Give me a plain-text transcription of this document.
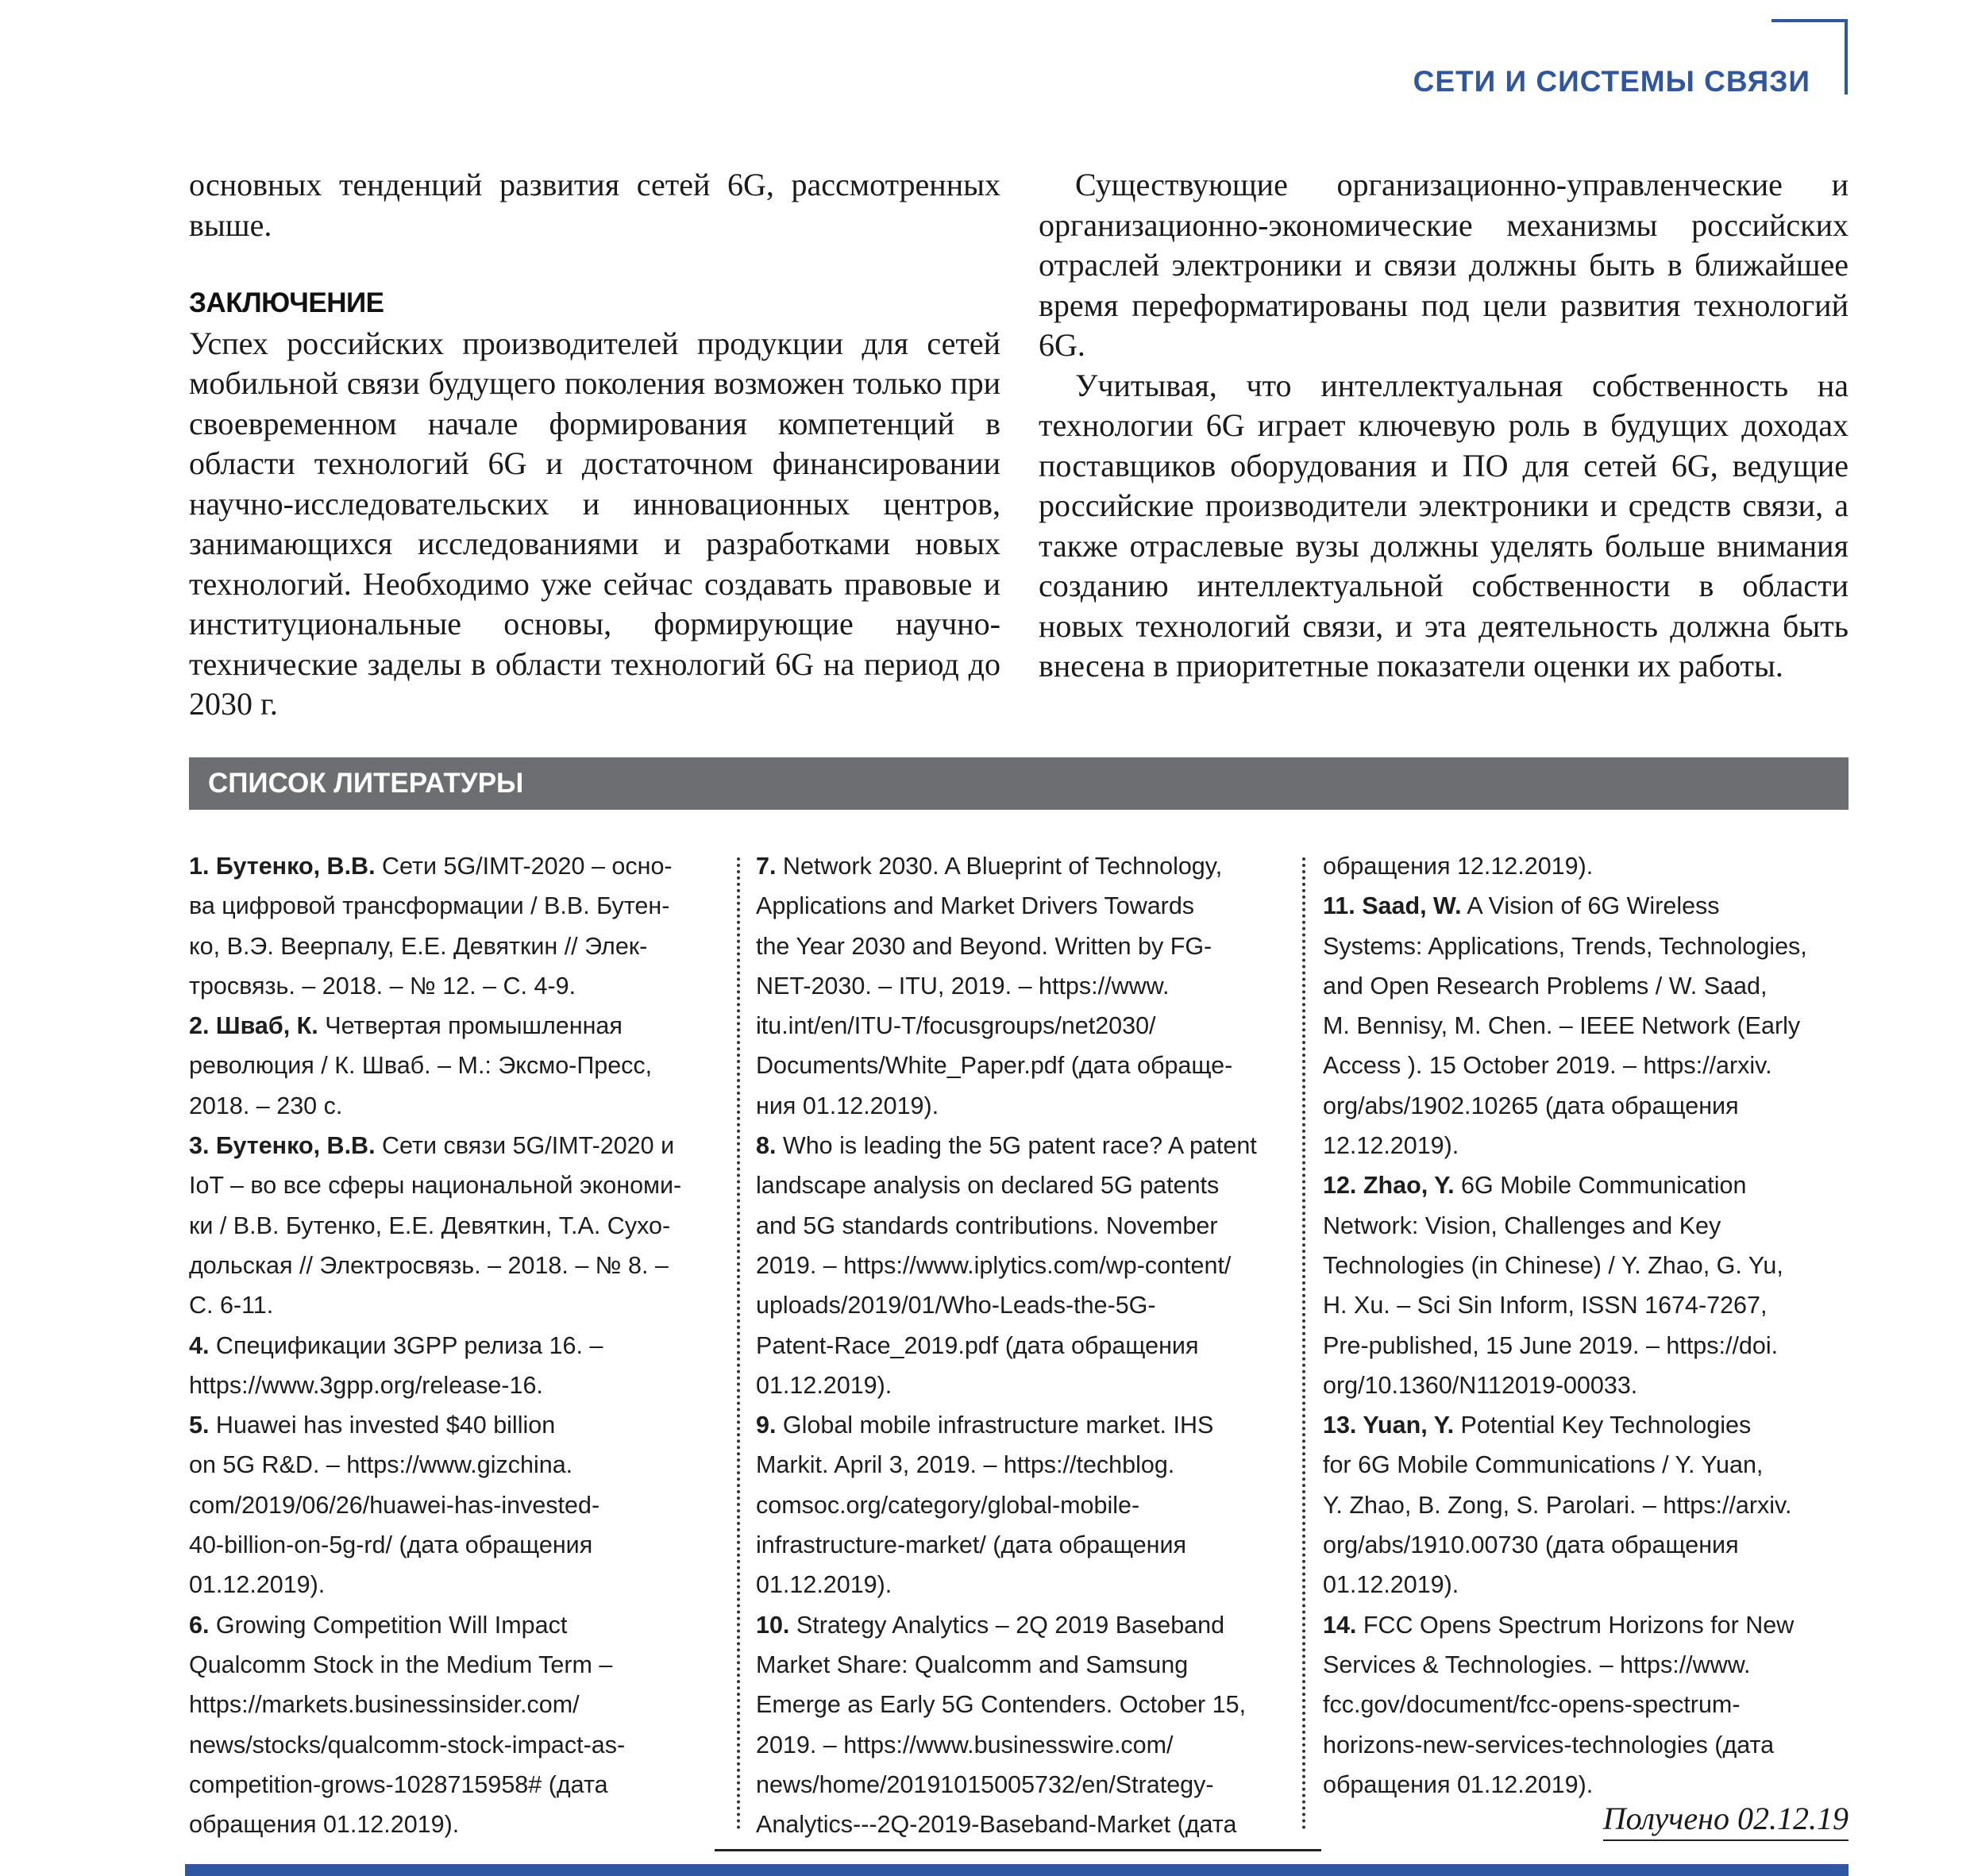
СЕТИ И СИСТЕМЫ СВЯЗИ

основных тенденций развития сетей 6G, рассмотренных выше.

ЗАКЛЮЧЕНИЕ

Успех российских производителей продукции для сетей мобильной связи будущего поколения возможен только при своевременном начале формирования компетенций в области технологий 6G и достаточном финансировании научно-исследовательских и инновационных центров, занимающихся исследованиями и разработками новых технологий. Необходимо уже сейчас создавать правовые и институциональные основы, формирующие научно-технические заделы в области технологий 6G на период до 2030 г.

Существующие организационно-управленческие и организационно-экономические механизмы российских отраслей электроники и связи должны быть в ближайшее время переформатированы под цели развития технологий 6G.

Учитывая, что интеллектуальная собственность на технологии 6G играет ключевую роль в будущих доходах поставщиков оборудования и ПО для сетей 6G, ведущие российские производители электроники и средств связи, а также отраслевые вузы должны уделять больше внимания созданию интеллектуальной собственности в области новых технологий связи, и эта деятельность должна быть внесена в приоритетные показатели оценки их работы.

СПИСОК ЛИТЕРАТУРЫ
1. Бутенко, В.В. Сети 5G/IMT-2020 – осно-
ва цифровой трансформации / В.В. Бутен-
ко, В.Э. Веерпалу, Е.Е. Девяткин // Элек-
тросвязь. – 2018. – № 12. – С. 4-9.
2. Шваб, К. Четвертая промышленная
революция / К. Шваб. – М.: Эксмо-Пресс,
2018. – 230 с.
3. Бутенко, В.В. Сети связи 5G/IMT-2020 и
IoT – во все сферы национальной экономи-
ки / В.В. Бутенко, Е.Е. Девяткин, Т.А. Сухо-
дольская // Электросвязь. – 2018. – № 8. –
С. 6-11.
4. Спецификации 3GPP релиза 16. –
https://www.3gpp.org/release-16.
5. Huawei has invested $40 billion
on 5G R&D. – https://www.gizchina.
com/2019/06/26/huawei-has-invested-
40-billion-on-5g-rd/ (дата обращения
01.12.2019).
6. Growing Competition Will Impact
Qualcomm Stock in the Medium Term –
https://markets.businessinsider.com/
news/stocks/qualcomm-stock-impact-as-
competition-grows-1028715958# (дата
обращения 01.12.2019).
7. Network 2030. A Blueprint of Technology,
Applications and Market Drivers Towards
the Year 2030 and Beyond. Written by FG-
NET-2030. – ITU, 2019. – https://www.
itu.int/en/ITU-T/focusgroups/net2030/
Documents/White_Paper.pdf (дата обраще-
ния 01.12.2019).
8. Who is leading the 5G patent race? A patent
landscape analysis on declared 5G patents
and 5G standards contributions. November
2019. – https://www.iplytics.com/wp-content/
uploads/2019/01/Who-Leads-the-5G-
Patent-Race_2019.pdf (дата обращения
01.12.2019).
9. Global mobile infrastructure market. IHS
Markit. April 3, 2019. – https://techblog.
comsoc.org/category/global-mobile-
infrastructure-market/ (дата обращения
01.12.2019).
10. Strategy Analytics – 2Q 2019 Baseband
Market Share: Qualcomm and Samsung
Emerge as Early 5G Contenders. October 15,
2019. – https://www.businesswire.com/
news/home/20191015005732/en/Strategy-
Analytics---2Q-2019-Baseband-Market (дата
обращения 12.12.2019).
11. Saad, W. A Vision of 6G Wireless
Systems: Applications, Trends, Technologies,
and Open Research Problems / W. Saad,
M. Bennisy, M. Chen. – IEEE Network (Early
Access ). 15 October 2019. – https://arxiv.
org/abs/1902.10265 (дата обращения
12.12.2019).
12. Zhao, Y. 6G Mobile Communication
Network: Vision, Challenges and Key
Technologies (in Chinese) / Y. Zhao, G. Yu,
H. Xu. – Sci Sin Inform, ISSN 1674-7267,
Pre-published, 15 June 2019. – https://doi.
org/10.1360/N112019-00033.
13. Yuan, Y. Potential Key Technologies
for 6G Mobile Communications / Y. Yuan,
Y. Zhao, B. Zong, S. Parolari. – https://arxiv.
org/abs/1910.00730 (дата обращения
01.12.2019).
14. FCC Opens Spectrum Horizons for New
Services & Technologies. – https://www.
fcc.gov/document/fcc-opens-spectrum-
horizons-new-services-technologies (дата
обращения 01.12.2019).

Получено 02.12.19
